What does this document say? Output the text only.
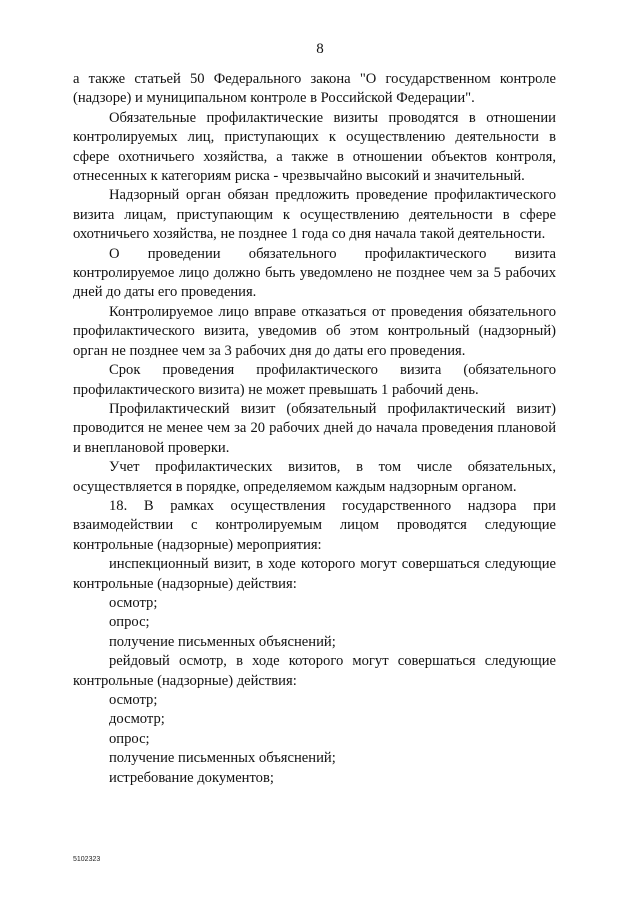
8

а также статьей 50 Федерального закона "О государственном контроле (надзоре) и муниципальном контроле в Российской Федерации".

Обязательные профилактические визиты проводятся в отношении контролируемых лиц, приступающих к осуществлению деятельности в сфере охотничьего хозяйства, а также в отношении объектов контроля, отнесенных к категориям риска - чрезвычайно высокий и значительный.

Надзорный орган обязан предложить проведение профилактического визита лицам, приступающим к осуществлению деятельности в сфере охотничьего хозяйства, не позднее 1 года со дня начала такой деятельности.

О проведении обязательного профилактического визита контролируемое лицо должно быть уведомлено не позднее чем за 5 рабочих дней до даты его проведения.

Контролируемое лицо вправе отказаться от проведения обязательного профилактического визита, уведомив об этом контрольный (надзорный) орган не позднее чем за 3 рабочих дня до даты его проведения.

Срок проведения профилактического визита (обязательного профилактического визита) не может превышать 1 рабочий день.

Профилактический визит (обязательный профилактический визит) проводится не менее чем за 20 рабочих дней до начала проведения плановой и внеплановой проверки.

Учет профилактических визитов, в том числе обязательных, осуществляется в порядке, определяемом каждым надзорным органом.

18. В рамках осуществления государственного надзора при взаимодействии с контролируемым лицом проводятся следующие контрольные (надзорные) мероприятия:

инспекционный визит, в ходе которого могут совершаться следующие контрольные (надзорные) действия:

осмотр;

опрос;

получение письменных объяснений;

рейдовый осмотр, в ходе которого могут совершаться следующие контрольные (надзорные) действия:

осмотр;

досмотр;

опрос;

получение письменных объяснений;

истребование документов;

5102323
